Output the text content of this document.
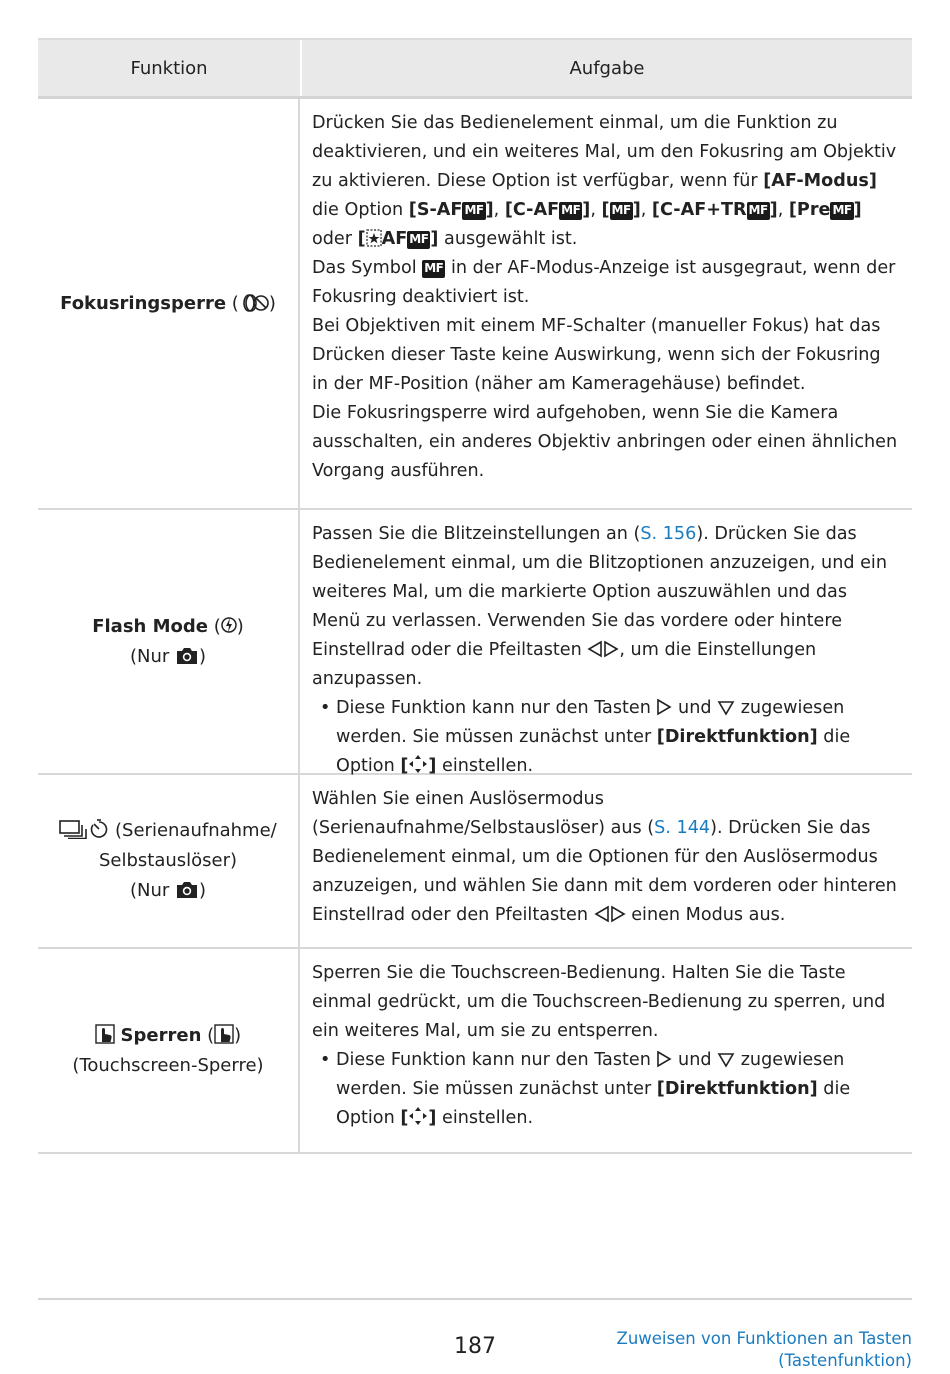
Funktion	Aufgabe
Fokusringsperre ( )
Drücken Sie das Bedienelement einmal, um die Funktion zu deaktivieren, und ein weiteres Mal, um den Fokusring am Objektiv zu aktivieren. Diese Option ist verfügbar, wenn für [AF-Modus] die Option [S-AF MF ], [C-AF MF ], [ MF ], [C-AF+TR MF ], [Pre MF ] oder [ AF MF ] ausgewählt ist.
Das Symbol MF in der AF-Modus-Anzeige ist ausgegraut, wenn der Fokusring deaktiviert ist.
Bei Objektiven mit einem MF-Schalter (manueller Fokus) hat das Drücken dieser Taste keine Auswirkung, wenn sich der Fokusring in der MF-Position (näher am Kameragehäuse) befindet.
Die Fokusringsperre wird aufgehoben, wenn Sie die Kamera ausschalten, ein anderes Objektiv anbringen oder einen ähnlichen Vorgang ausführen.
Flash Mode ( )
(Nur )
Passen Sie die Blitzeinstellungen an (S. 156). Drücken Sie das Bedienelement einmal, um die Blitzoptionen anzuzeigen, und ein weiteres Mal, um die markierte Option auszuwählen und das Menü zu verlassen. Verwenden Sie das vordere oder hintere Einstellrad oder die Pfeiltasten , um die Einstellungen anzupassen.
• Diese Funktion kann nur den Tasten  und  zugewiesen werden. Sie müssen zunächst unter [Direktfunktion] die Option [ ] einstellen.
(Serienaufnahme/
Selbstauslöser)
(Nur )
Wählen Sie einen Auslösermodus (Serienaufnahme/Selbstauslöser) aus (S. 144). Drücken Sie das Bedienelement einmal, um die Optionen für den Auslösermodus anzuzeigen, und wählen Sie dann mit dem vorderen oder hinteren Einstellrad oder den Pfeiltasten  einen Modus aus.
Sperren ( )
(Touchscreen-Sperre)
Sperren Sie die Touchscreen-Bedienung. Halten Sie die Taste einmal gedrückt, um die Touchscreen-Bedienung zu sperren, und ein weiteres Mal, um sie zu entsperren.
• Diese Funktion kann nur den Tasten  und  zugewiesen werden. Sie müssen zunächst unter [Direktfunktion] die Option [ ] einstellen.
187	Zuweisen von Funktionen an Tasten
(Tastenfunktion)
